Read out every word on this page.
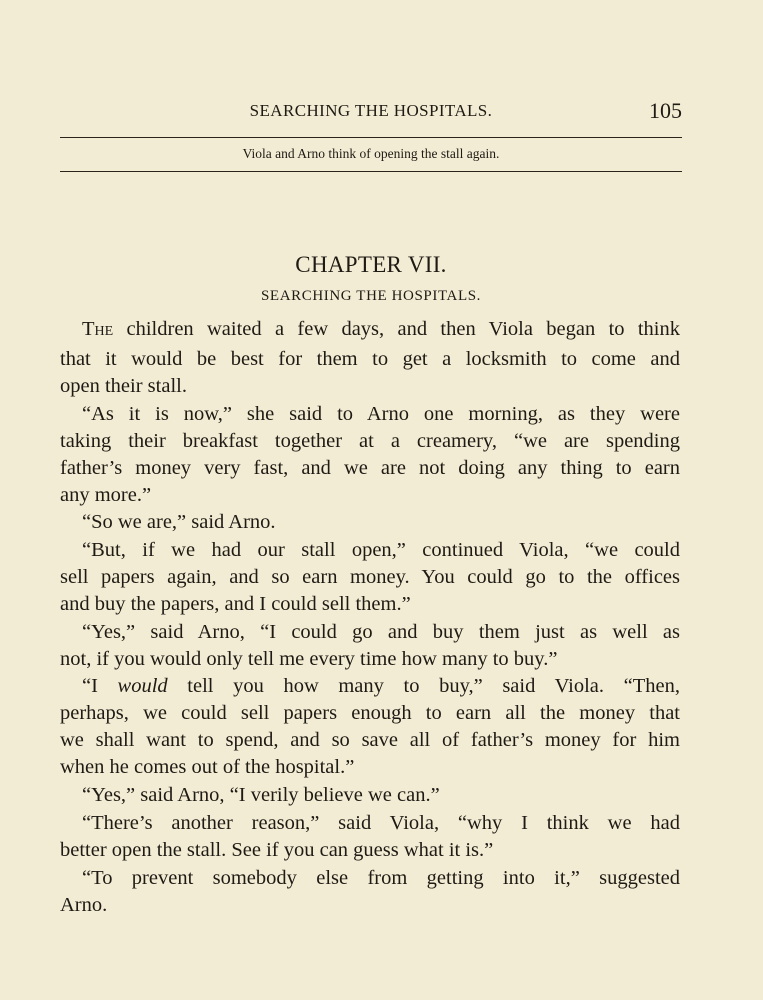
SEARCHING THE HOSPITALS.	105
Viola and Arno think of opening the stall again.
CHAPTER VII.
SEARCHING THE HOSPITALS.
The children waited a few days, and then Viola began to think
that it would be best for them to get a locksmith to come and
open their stall.
“As it is now,” she said to Arno one morning, as they were
taking their breakfast together at a creamery, “we are spending
father’s money very fast, and we are not doing any thing to earn
any more.”
“So we are,” said Arno.
“But, if we had our stall open,” continued Viola, “we could
sell papers again, and so earn money. You could go to the offices
and buy the papers, and I could sell them.”
“Yes,” said Arno, “I could go and buy them just as well as
not, if you would only tell me every time how many to buy.”
“I would tell you how many to buy,” said Viola. “Then,
perhaps, we could sell papers enough to earn all the money that
we shall want to spend, and so save all of father’s money for him
when he comes out of the hospital.”
“Yes,” said Arno, “I verily believe we can.”
“There’s another reason,” said Viola, “why I think we had
better open the stall. See if you can guess what it is.”
“To prevent somebody else from getting into it,” suggested
Arno.
